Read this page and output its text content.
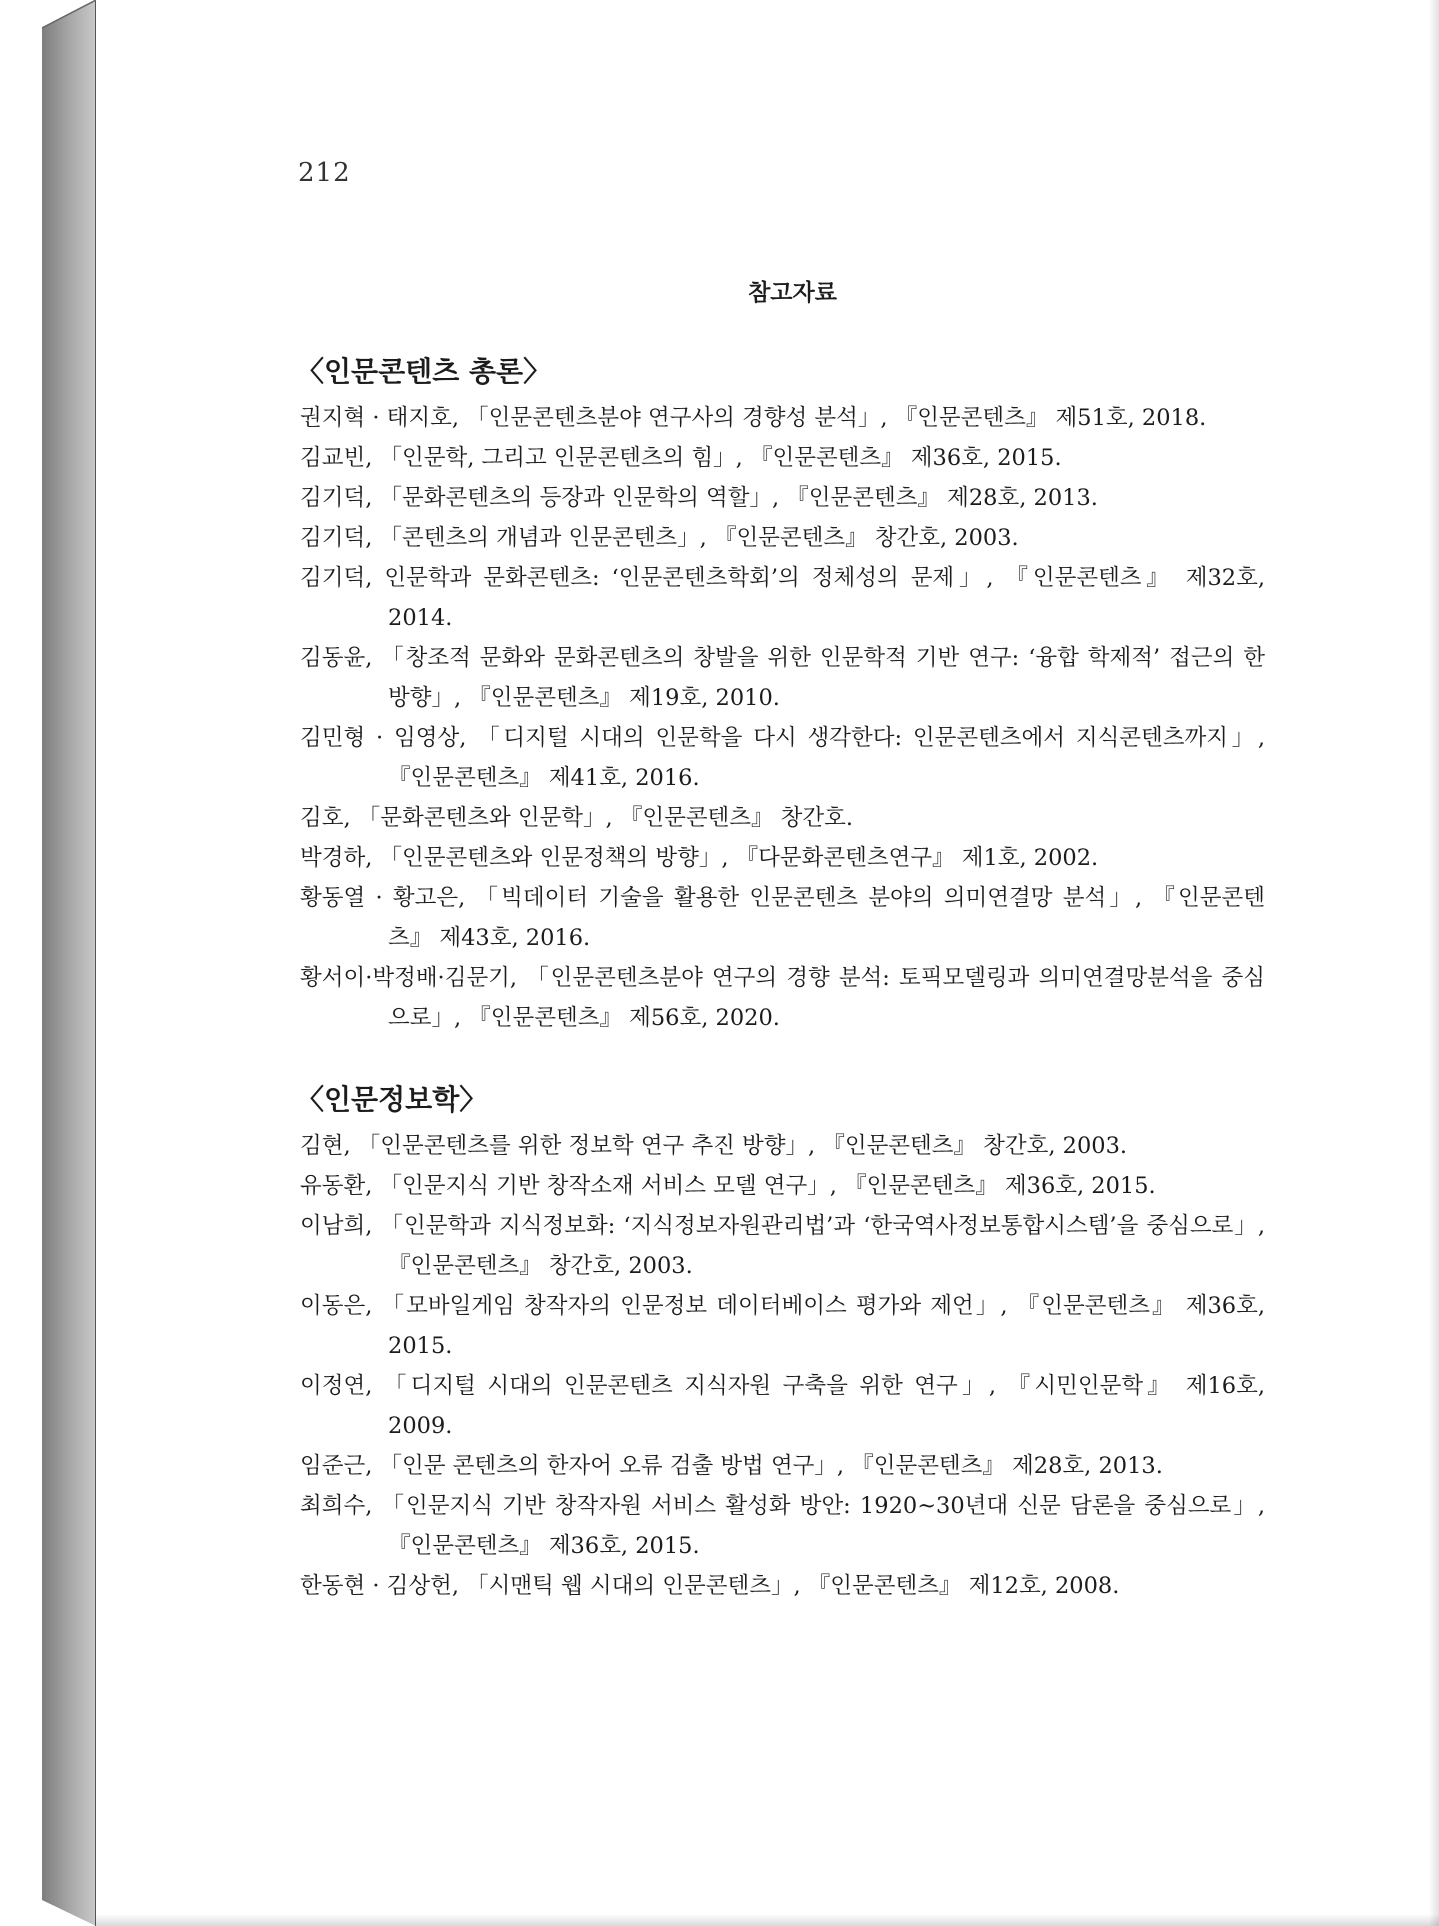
212
참고자료
〈인문콘텐츠 총론〉

권지혁 · 태지호, 「인문콘텐츠분야 연구사의 경향성 분석」, 『인문콘텐츠』 제51호, 2018.

김교빈, 「인문학, 그리고 인문콘텐츠의 힘」, 『인문콘텐츠』 제36호, 2015.

김기덕, 「문화콘텐츠의 등장과 인문학의 역할」, 『인문콘텐츠』 제28호, 2013.

김기덕, 「콘텐츠의 개념과 인문콘텐츠」, 『인문콘텐츠』 창간호, 2003.

김기덕, 인문학과 문화콘텐츠: ‘인문콘텐츠학회’의 정체성의 문제」, 『인문콘텐츠』 제32호, 2014.

김동윤, 「창조적 문화와 문화콘텐츠의 창발을 위한 인문학적 기반 연구: ‘융합 학제적’ 접근의 한 방향」, 『인문콘텐츠』 제19호, 2010.

김민형 · 임영상, 「디지털 시대의 인문학을 다시 생각한다: 인문콘텐츠에서 지식콘텐츠까지」, 『인문콘텐츠』 제41호, 2016.

김호, 「문화콘텐츠와 인문학」, 『인문콘텐츠』 창간호.

박경하, 「인문콘텐츠와 인문정책의 방향」, 『다문화콘텐츠연구』 제1호, 2002.

황동열 · 황고은, 「빅데이터 기술을 활용한 인문콘텐츠 분야의 의미연결망 분석」, 『인문콘텐츠』 제43호, 2016.

황서이·박정배·김문기, 「인문콘텐츠분야 연구의 경향 분석: 토픽모델링과 의미연결망분석을 중심으로」, 『인문콘텐츠』 제56호, 2020.

〈인문정보학〉

김현, 「인문콘텐츠를 위한 정보학 연구 추진 방향」, 『인문콘텐츠』 창간호, 2003.

유동환, 「인문지식 기반 창작소재 서비스 모델 연구」, 『인문콘텐츠』 제36호, 2015.

이남희, 「인문학과 지식정보화: ‘지식정보자원관리법’과 ‘한국역사정보통합시스템’을 중심으로」, 『인문콘텐츠』 창간호, 2003.

이동은, 「모바일게임 창작자의 인문정보 데이터베이스 평가와 제언」, 『인문콘텐츠』 제36호, 2015.

이정연, 「디지털 시대의 인문콘텐츠 지식자원 구축을 위한 연구」, 『시민인문학』 제16호, 2009.

임준근, 「인문 콘텐츠의 한자어 오류 검출 방법 연구」, 『인문콘텐츠』 제28호, 2013.

최희수, 「인문지식 기반 창작자원 서비스 활성화 방안: 1920~30년대 신문 담론을 중심으로」, 『인문콘텐츠』 제36호, 2015.

한동현 · 김상헌, 「시맨틱 웹 시대의 인문콘텐츠」, 『인문콘텐츠』 제12호, 2008.
